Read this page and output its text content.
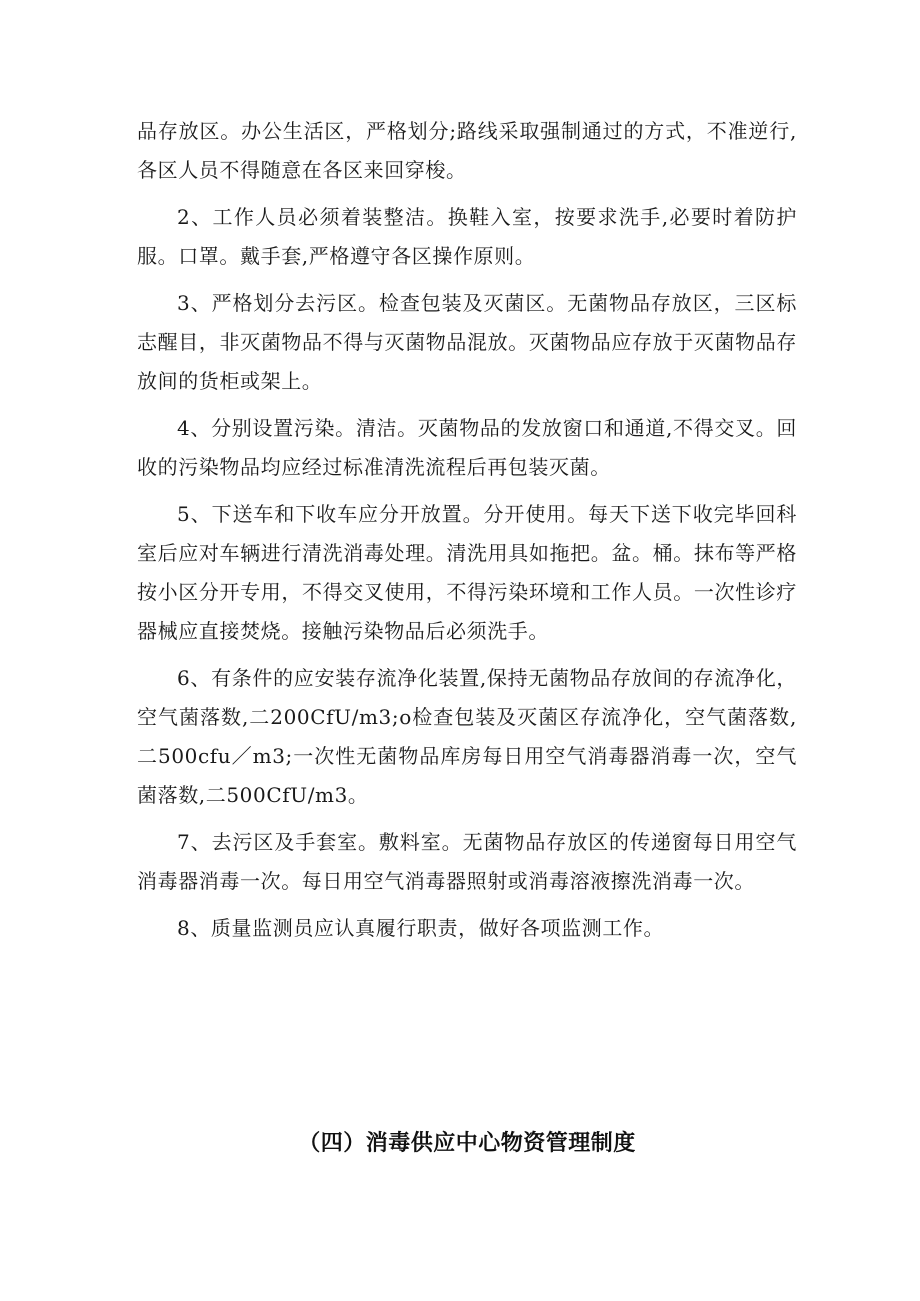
品存放区。办公生活区，严格划分;路线采取强制通过的方式，不准逆行,各区人员不得随意在各区来回穿梭。

2、工作人员必须着装整洁。换鞋入室，按要求洗手,必要时着防护服。口罩。戴手套,严格遵守各区操作原则。

3、严格划分去污区。检查包装及灭菌区。无菌物品存放区，三区标志醒目，非灭菌物品不得与灭菌物品混放。灭菌物品应存放于灭菌物品存放间的货柜或架上。

4、分别设置污染。清洁。灭菌物品的发放窗口和通道,不得交叉。回收的污染物品均应经过标准清洗流程后再包装灭菌。

5、下送车和下收车应分开放置。分开使用。每天下送下收完毕回科室后应对车辆进行清洗消毒处理。清洗用具如拖把。盆。桶。抹布等严格按小区分开专用，不得交叉使用，不得污染环境和工作人员。一次性诊疗器械应直接焚烧。接触污染物品后必须洗手。

6、有条件的应安装存流净化装置,保持无菌物品存放间的存流净化，空气菌落数,二200CfU/m3;o检查包装及灭菌区存流净化，空气菌落数,二500cfu／m3;一次性无菌物品库房每日用空气消毒器消毒一次，空气菌落数,二500CfU/m3。

7、去污区及手套室。敷料室。无菌物品存放区的传递窗每日用空气消毒器消毒一次。每日用空气消毒器照射或消毒溶液擦洗消毒一次。

8、质量监测员应认真履行职责，做好各项监测工作。

（四）消毒供应中心物资管理制度
